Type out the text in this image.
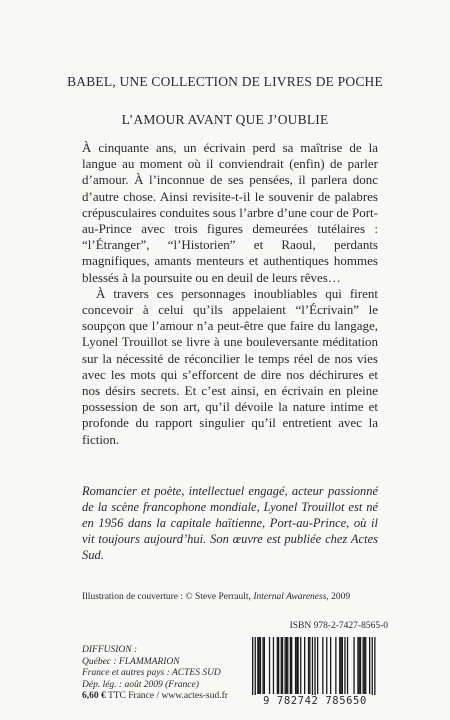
BABEL, UNE COLLECTION DE LIVRES DE POCHE
L’AMOUR AVANT QUE J’OUBLIE

À cinquante ans, un écrivain perd sa maîtrise de la langue au moment où il conviendrait (enfin) de parler d’amour. À l’inconnue de ses pensées, il parlera donc d’autre chose. Ainsi revisite-t-il le souvenir de palabres crépusculaires conduites sous l’arbre d’une cour de Port-au-Prince avec trois figures demeurées tutélaires : “l’Étranger”, “l’Historien” et Raoul, perdants magnifiques, amants menteurs et authentiques hommes blessés à la poursuite ou en deuil de leurs rêves…

À travers ces personnages inoubliables qui firent concevoir à celui qu’ils appelaient “l’Écrivain” le soupçon que l’amour n’a peut-être que faire du langage, Lyonel Trouillot se livre à une bouleversante méditation sur la nécessité de réconcilier le temps réel de nos vies avec les mots qui s’efforcent de dire nos déchirures et nos désirs secrets. Et c’est ainsi, en écrivain en pleine possession de son art, qu’il dévoile la nature intime et profonde du rapport singulier qu’il entretient avec la fiction.

Romancier et poète, intellectuel engagé, acteur passionné de la scène francophone mondiale, Lyonel Trouillot est né en 1956 dans la capitale haïtienne, Port-au-Prince, où il vit toujours aujourd’hui. Son œuvre est publiée chez Actes Sud.
Illustration de couverture : © Steve Perrault, Internal Awareness, 2009
ISBN 978-2-7427-8565-0
DIFFUSION :
Québec : FLAMMARION
France et autres pays : ACTES SUD
Dép. lég. : août 2009 (France)
6,60 € TTC France / www.actes-sud.fr	9 782742 785650
